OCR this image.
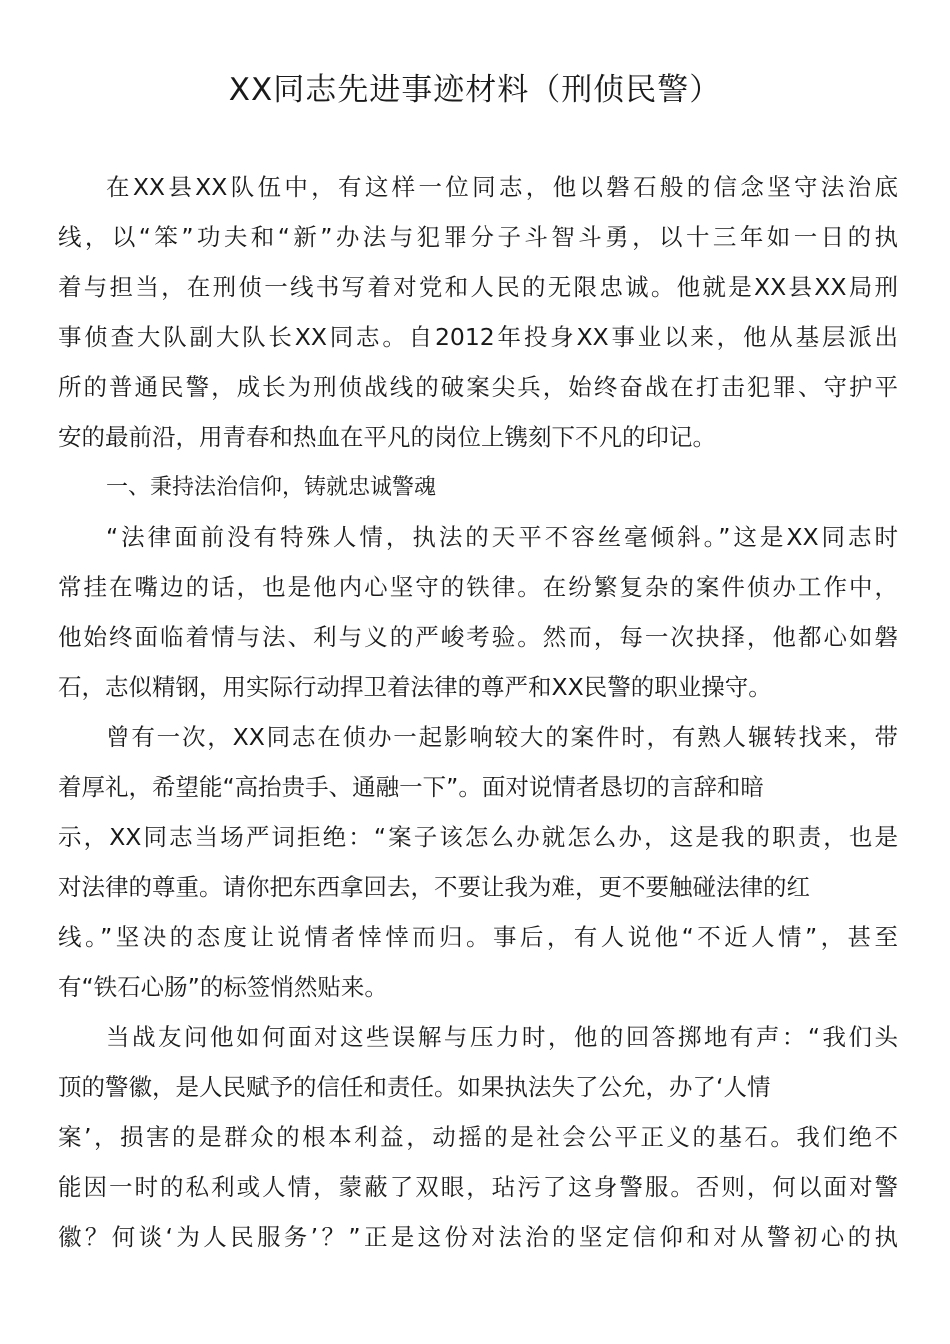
XX同志先进事迹材料（刑侦民警）
在XX县XX队伍中，有这样一位同志，他以磐石般的信念坚守法治底
线，以“笨”功夫和“新”办法与犯罪分子斗智斗勇，以十三年如一日的执
着与担当，在刑侦一线书写着对党和人民的无限忠诚。他就是XX县XX局刑
事侦查大队副大队长XX同志。自2012年投身XX事业以来，他从基层派出
所的普通民警，成长为刑侦战线的破案尖兵，始终奋战在打击犯罪、守护平
安的最前沿，用青春和热血在平凡的岗位上镌刻下不凡的印记。
一、秉持法治信仰，铸就忠诚警魂
“法律面前没有特殊人情，执法的天平不容丝毫倾斜。”这是XX同志时
常挂在嘴边的话，也是他内心坚守的铁律。在纷繁复杂的案件侦办工作中，
他始终面临着情与法、利与义的严峻考验。然而，每一次抉择，他都心如磐
石，志似精钢，用实际行动捍卫着法律的尊严和XX民警的职业操守。
曾有一次，XX同志在侦办一起影响较大的案件时，有熟人辗转找来，带
着厚礼，希望能“高抬贵手、通融一下”。面对说情者恳切的言辞和暗
示，XX同志当场严词拒绝：“案子该怎么办就怎么办，这是我的职责，也是
对法律的尊重。请你把东西拿回去，不要让我为难，更不要触碰法律的红
线。”坚决的态度让说情者悻悻而归。事后，有人说他“不近人情”，甚至
有“铁石心肠”的标签悄然贴来。
当战友问他如何面对这些误解与压力时，他的回答掷地有声：“我们头
顶的警徽，是人民赋予的信任和责任。如果执法失了公允，办了‘人情
案’，损害的是群众的根本利益，动摇的是社会公平正义的基石。我们绝不
能因一时的私利或人情，蒙蔽了双眼，玷污了这身警服。否则，何以面对警
徽？何谈‘为人民服务’？”正是这份对法治的坚定信仰和对从警初心的执
